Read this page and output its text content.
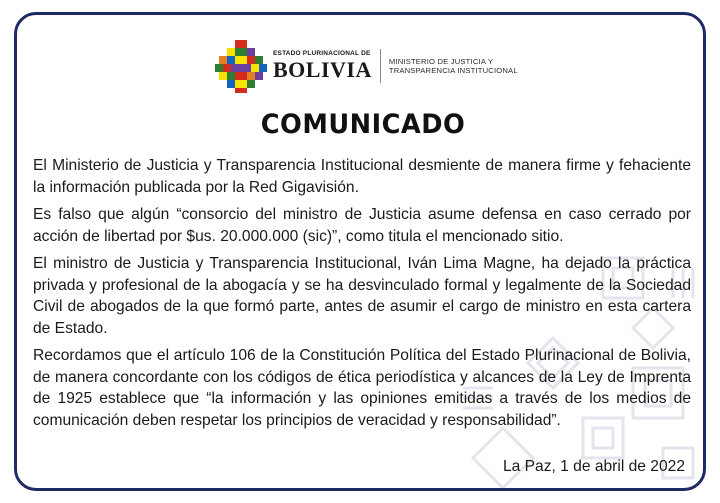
ESTADO PLURINACIONAL DE
BOLIVIA MINISTERIO DE JUSTICIA Y
TRANSPARENCIA INSTITUCIONAL
COMUNICADO

El Ministerio de Justicia y Transparencia Institucional desmiente de manera firme y fehaciente la información publicada por la Red Gigavisión.

Es falso que algún “consorcio del ministro de Justicia asume defensa en caso cerrado por acción de libertad por $us. 20.000.000 (sic)”, como titula el mencionado sitio.

El ministro de Justicia y Transparencia Institucional, Iván Lima Magne, ha dejado la práctica privada y profesional de la abogacía y se ha desvinculado formal y legalmente de la Sociedad Civil de abogados de la que formó parte, antes de asumir el cargo de ministro en esta cartera de Estado.

Recordamos que el artículo 106 de la Constitución Política del Estado Plurinacional de Bolivia, de manera concordante con los códigos de ética periodística y alcances de la Ley de Imprenta de 1925 establece que “la información y las opiniones emitidas a través de los medios de comunicación deben respetar los principios de veracidad y responsabilidad”.

La Paz, 1 de abril de 2022
